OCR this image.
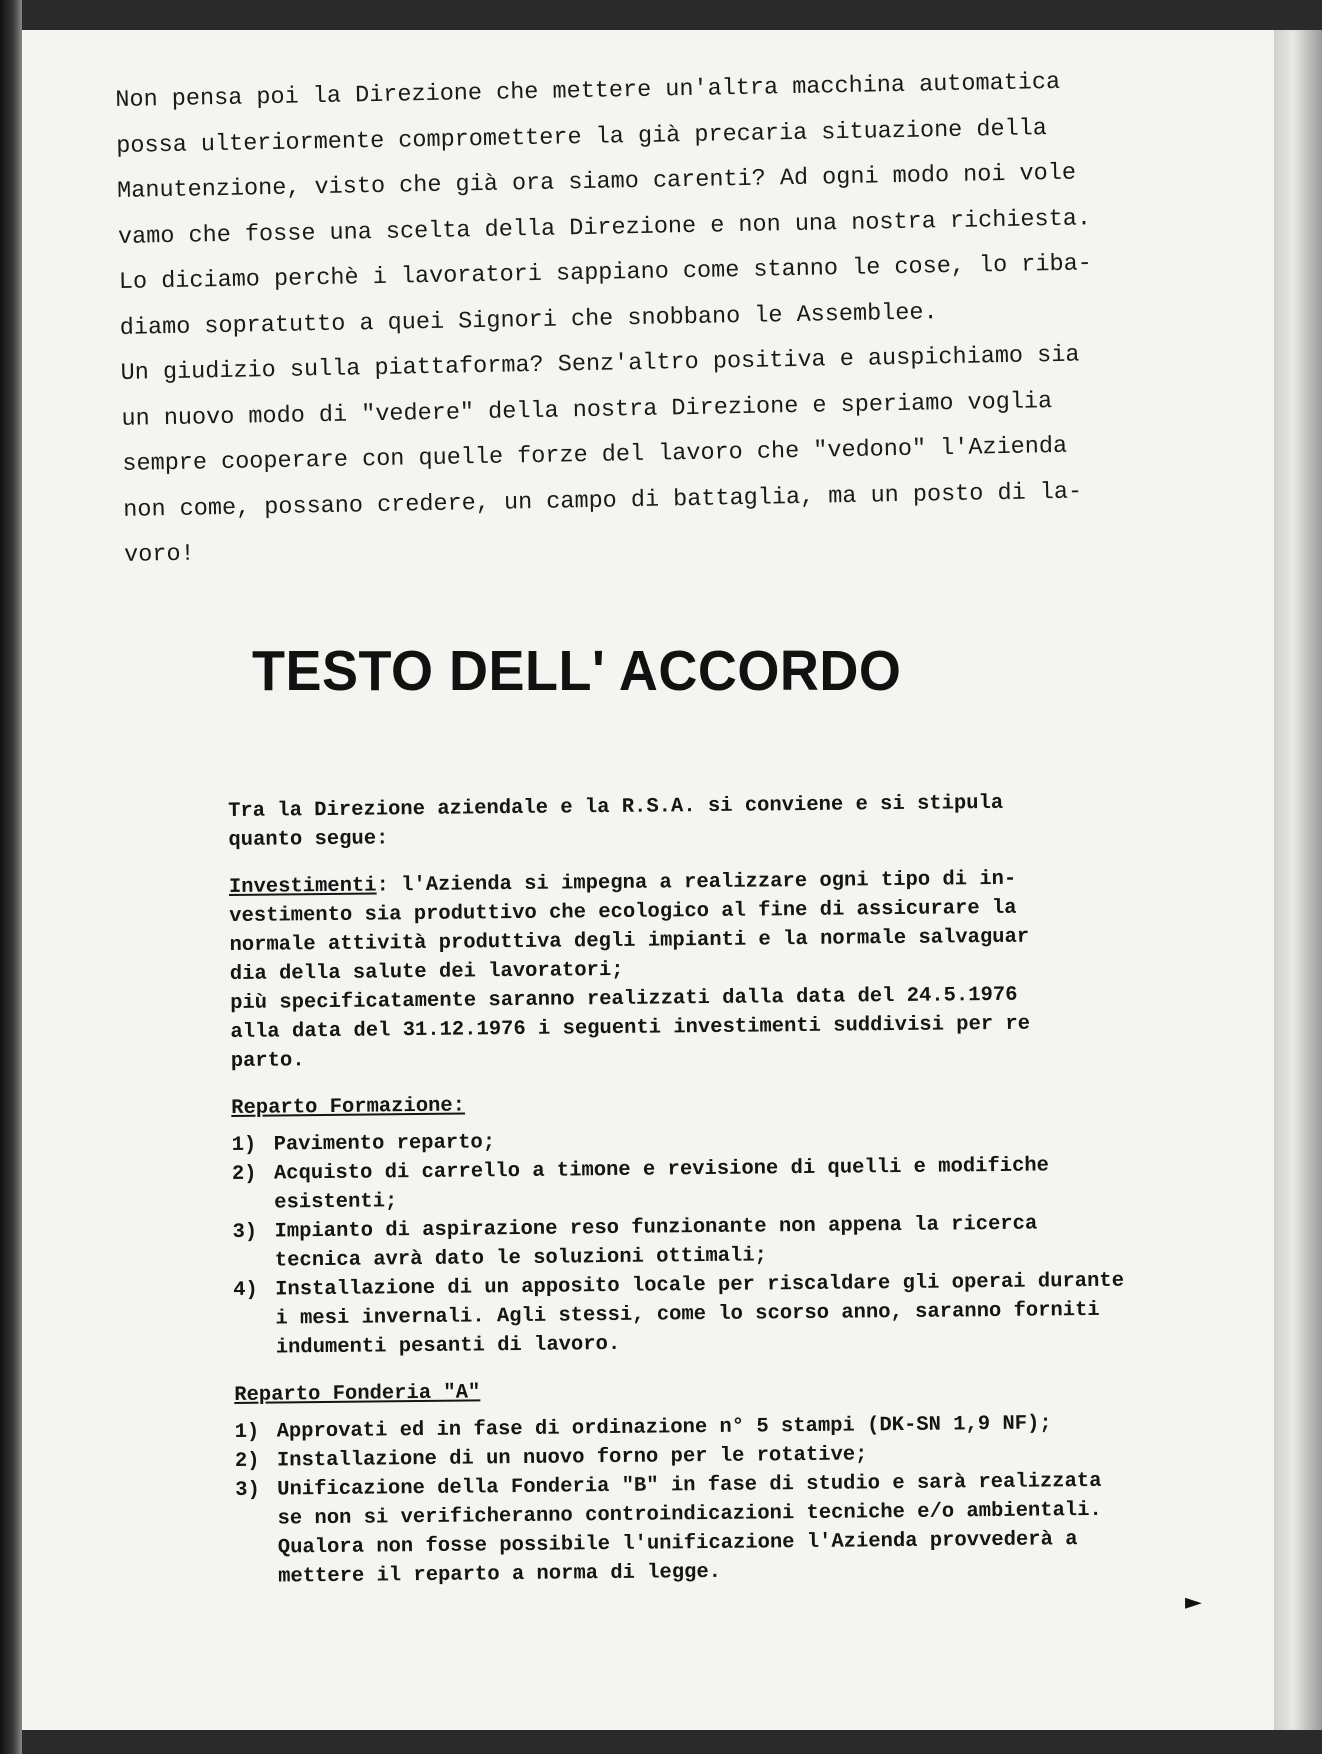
Non pensa poi la Direzione che mettere un'altra macchina automatica
possa ulteriormente compromettere la già precaria situazione della
Manutenzione, visto che già ora siamo carenti? Ad ogni modo noi vole
vamo che fosse una scelta della Direzione e non una nostra richiesta.
Lo diciamo perchè i lavoratori sappiano come stanno le cose, lo riba-
diamo sopratutto a quei Signori che snobbano le Assemblee.
Un giudizio sulla piattaforma? Senz'altro positiva e auspichiamo sia
un nuovo modo di "vedere" della nostra Direzione e speriamo voglia
sempre cooperare con quelle forze del lavoro che "vedono" l'Azienda
non come, possano credere, un campo di battaglia, ma un posto di la-
voro!
TESTO DELL' ACCORDO
Tra la Direzione aziendale e la R.S.A. si conviene e si stipula
quanto segue:
Investimenti: l'Azienda si impegna a realizzare ogni tipo di in-
vestimento sia produttivo che ecologico al fine di assicurare la
normale attività produttiva degli impianti e la normale salvaguar
dia della salute dei lavoratori;
più specificatamente saranno realizzati dalla data del 24.5.1976
alla data del 31.12.1976 i seguenti investimenti suddivisi per re
parto.
Reparto Formazione:
1) Pavimento reparto;
2) Acquisto di carrello a timone e revisione di quelli e modifiche esistenti;
3) Impianto di aspirazione reso funzionante non appena la ricerca tecnica avrà dato le soluzioni ottimali;
4) Installazione di un apposito locale per riscaldare gli operai durante i mesi invernali. Agli stessi, come lo scorso anno, saranno forniti indumenti pesanti di lavoro.
Reparto Fonderia "A"
1) Approvati ed in fase di ordinazione n° 5 stampi (DK-SN 1,9 NF);
2) Installazione di un nuovo forno per le rotative;
3) Unificazione della Fonderia "B" in fase di studio e sarà realizzata se non si verificheranno controindicazioni tecniche e/o ambientali. Qualora non fosse possibile l'unificazione l'Azienda provvederà a mettere il reparto a norma di legge.
►
